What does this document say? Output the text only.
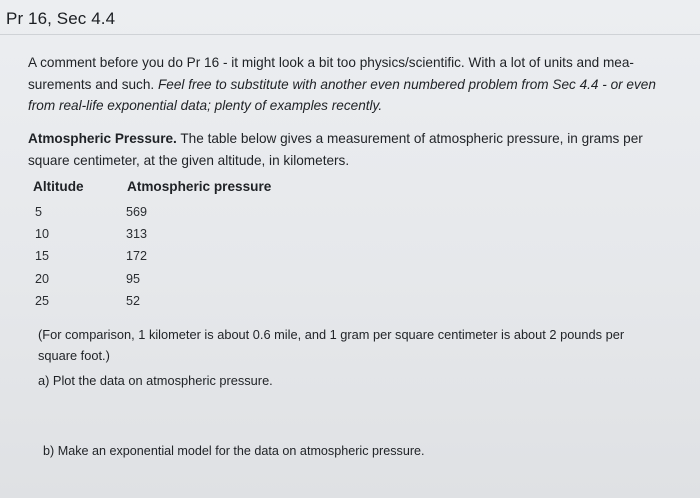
Pr 16, Sec 4.4

A comment before you do Pr 16 - it might look a bit too physics/scientific. With a lot of units and mea-
surements and such. Feel free to substitute with another even numbered problem from Sec 4.4 - or even
from real-life exponential data; plenty of examples recently.

Atmospheric Pressure. The table below gives a measurement of atmospheric pressure, in grams per
square centimeter, at the given altitude, in kilometers.

Altitude	Atmospheric pressure
5	569
10	313
15	172
20	95
25	52

(For comparison, 1 kilometer is about 0.6 mile, and 1 gram per square centimeter is about 2 pounds per
square foot.)

a) Plot the data on atmospheric pressure.
b) Make an exponential model for the data on atmospheric pressure.
